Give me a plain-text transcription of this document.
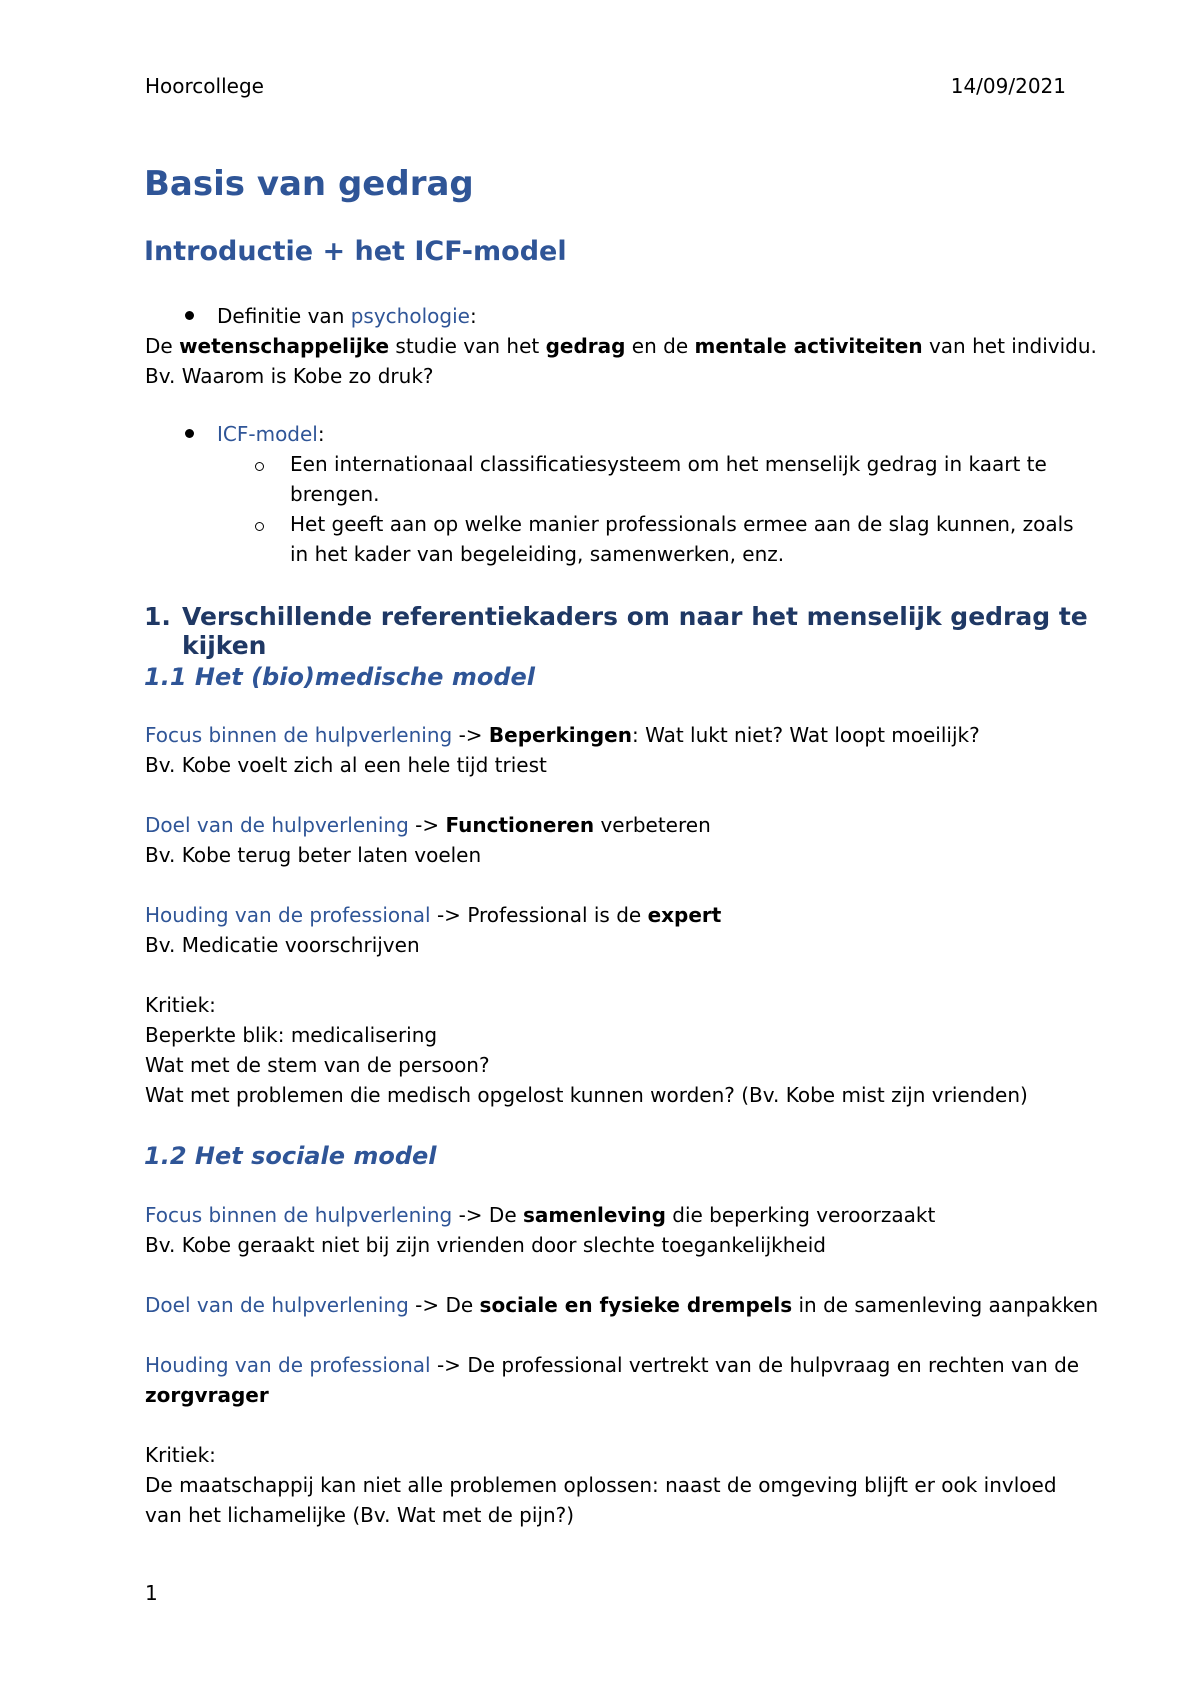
Hoorcollege	14/09/2021
Basis van gedrag
Introductie + het ICF-model
Definitie van psychologie:
De wetenschappelijke studie van het gedrag en de mentale activiteiten van het individu.
Bv. Waarom is Kobe zo druk?
ICF-model:
Een internationaal classificatiesysteem om het menselijk gedrag in kaart te
brengen.
Het geeft aan op welke manier professionals ermee aan de slag kunnen, zoals
in het kader van begeleiding, samenwerken, enz.
1. Verschillende referentiekaders om naar het menselijk gedrag te
kijken
1.1 Het (bio)medische model
Focus binnen de hulpverlening -> Beperkingen: Wat lukt niet? Wat loopt moeilijk?
Bv. Kobe voelt zich al een hele tijd triest
Doel van de hulpverlening -> Functioneren verbeteren
Bv. Kobe terug beter laten voelen
Houding van de professional -> Professional is de expert
Bv. Medicatie voorschrijven
Kritiek:
Beperkte blik: medicalisering
Wat met de stem van de persoon?
Wat met problemen die medisch opgelost kunnen worden? (Bv. Kobe mist zijn vrienden)
1.2 Het sociale model
Focus binnen de hulpverlening -> De samenleving die beperking veroorzaakt
Bv. Kobe geraakt niet bij zijn vrienden door slechte toegankelijkheid
Doel van de hulpverlening -> De sociale en fysieke drempels in de samenleving aanpakken
Houding van de professional -> De professional vertrekt van de hulpvraag en rechten van de
zorgvrager
Kritiek:
De maatschappij kan niet alle problemen oplossen: naast de omgeving blijft er ook invloed
van het lichamelijke (Bv. Wat met de pijn?)
1
